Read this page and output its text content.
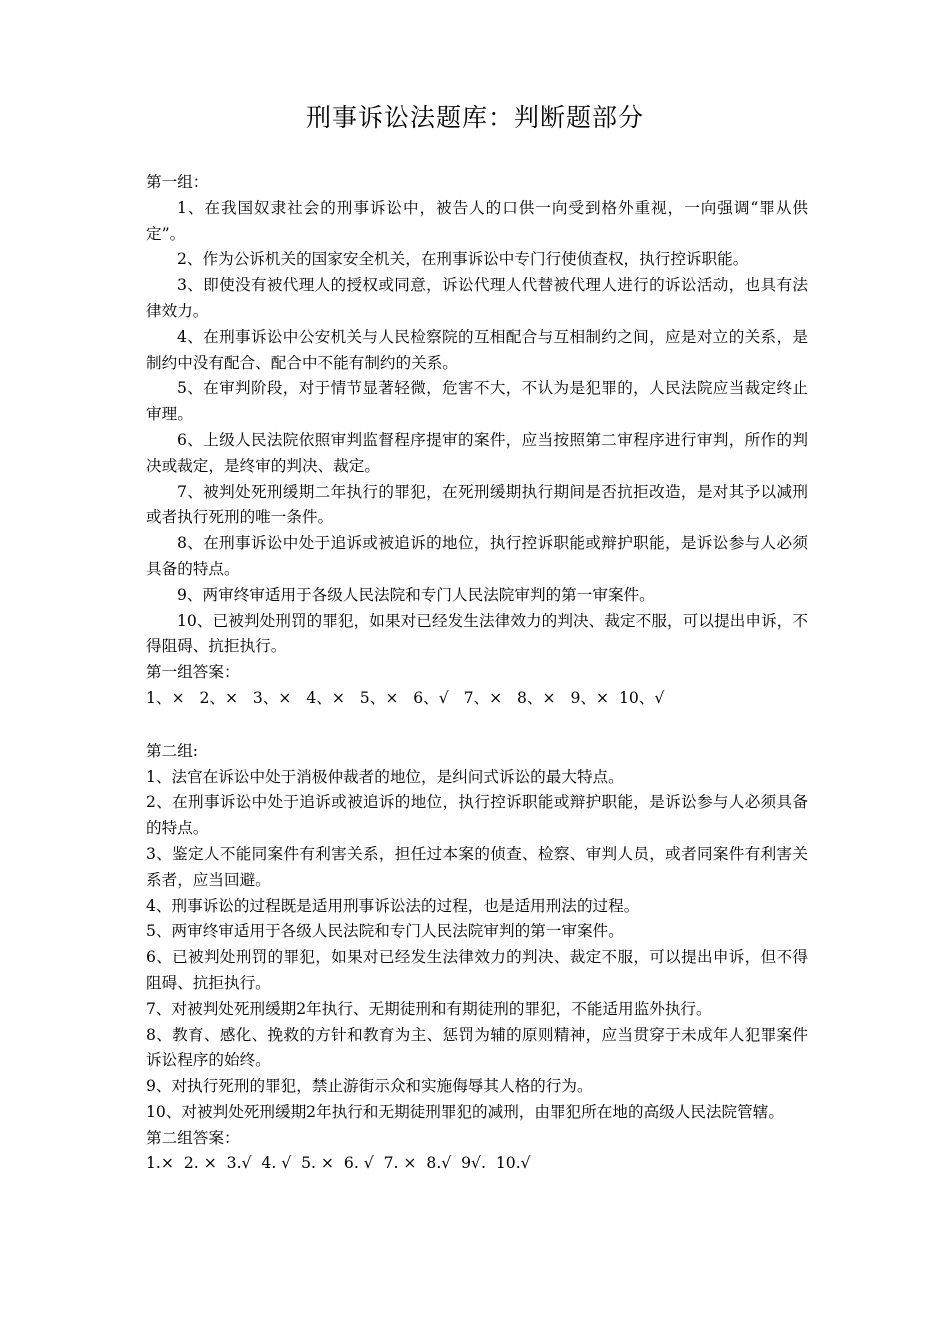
刑事诉讼法题库：判断题部分

第一组：

1、在我国奴隶社会的刑事诉讼中，被告人的口供一向受到格外重视，一向强调“罪从供定”。

2、作为公诉机关的国家安全机关，在刑事诉讼中专门行使侦查权，执行控诉职能。

3、即使没有被代理人的授权或同意，诉讼代理人代替被代理人进行的诉讼活动，也具有法律效力。

4、在刑事诉讼中公安机关与人民检察院的互相配合与互相制约之间，应是对立的关系，是制约中没有配合、配合中不能有制约的关系。

5、在审判阶段，对于情节显著轻微，危害不大，不认为是犯罪的，人民法院应当裁定终止审理。

6、上级人民法院依照审判监督程序提审的案件，应当按照第二审程序进行审判，所作的判决或裁定，是终审的判决、裁定。

7、被判处死刑缓期二年执行的罪犯，在死刑缓期执行期间是否抗拒改造，是对其予以减刑或者执行死刑的唯一条件。

8、在刑事诉讼中处于追诉或被追诉的地位，执行控诉职能或辩护职能，是诉讼参与人必须具备的特点。

9、两审终审适用于各级人民法院和专门人民法院审判的第一审案件。

10、已被判处刑罚的罪犯，如果对已经发生法律效力的判决、裁定不服，可以提出申诉，不得阻碍、抗拒执行。

第一组答案：

1、×   2、×   3、×   4、×   5、×   6、√   7、×   8、×   9、×  10、√

第二组:

1、法官在诉讼中处于消极仲裁者的地位，是纠问式诉讼的最大特点。

2、在刑事诉讼中处于追诉或被追诉的地位，执行控诉职能或辩护职能，是诉讼参与人必须具备的特点。

3、鉴定人不能同案件有利害关系，担任过本案的侦查、检察、审判人员，或者同案件有利害关系者，应当回避。

4、刑事诉讼的过程既是适用刑事诉讼法的过程，也是适用刑法的过程。

5、两审终审适用于各级人民法院和专门人民法院审判的第一审案件。

6、已被判处刑罚的罪犯，如果对已经发生法律效力的判决、裁定不服，可以提出申诉，但不得阻碍、抗拒执行。

7、对被判处死刑缓期2年执行、无期徒刑和有期徒刑的罪犯，不能适用监外执行。

8、教育、感化、挽救的方针和教育为主、惩罚为辅的原则精神，应当贯穿于未成年人犯罪案件诉讼程序的始终。

9、对执行死刑的罪犯，禁止游街示众和实施侮辱其人格的行为。

10、对被判处死刑缓期2年执行和无期徒刑罪犯的减刑，由罪犯所在地的高级人民法院管辖。

第二组答案：

1.×  2. ×  3.√  4. √  5. ×  6. √  7. ×  8.√  9√.  10.√
